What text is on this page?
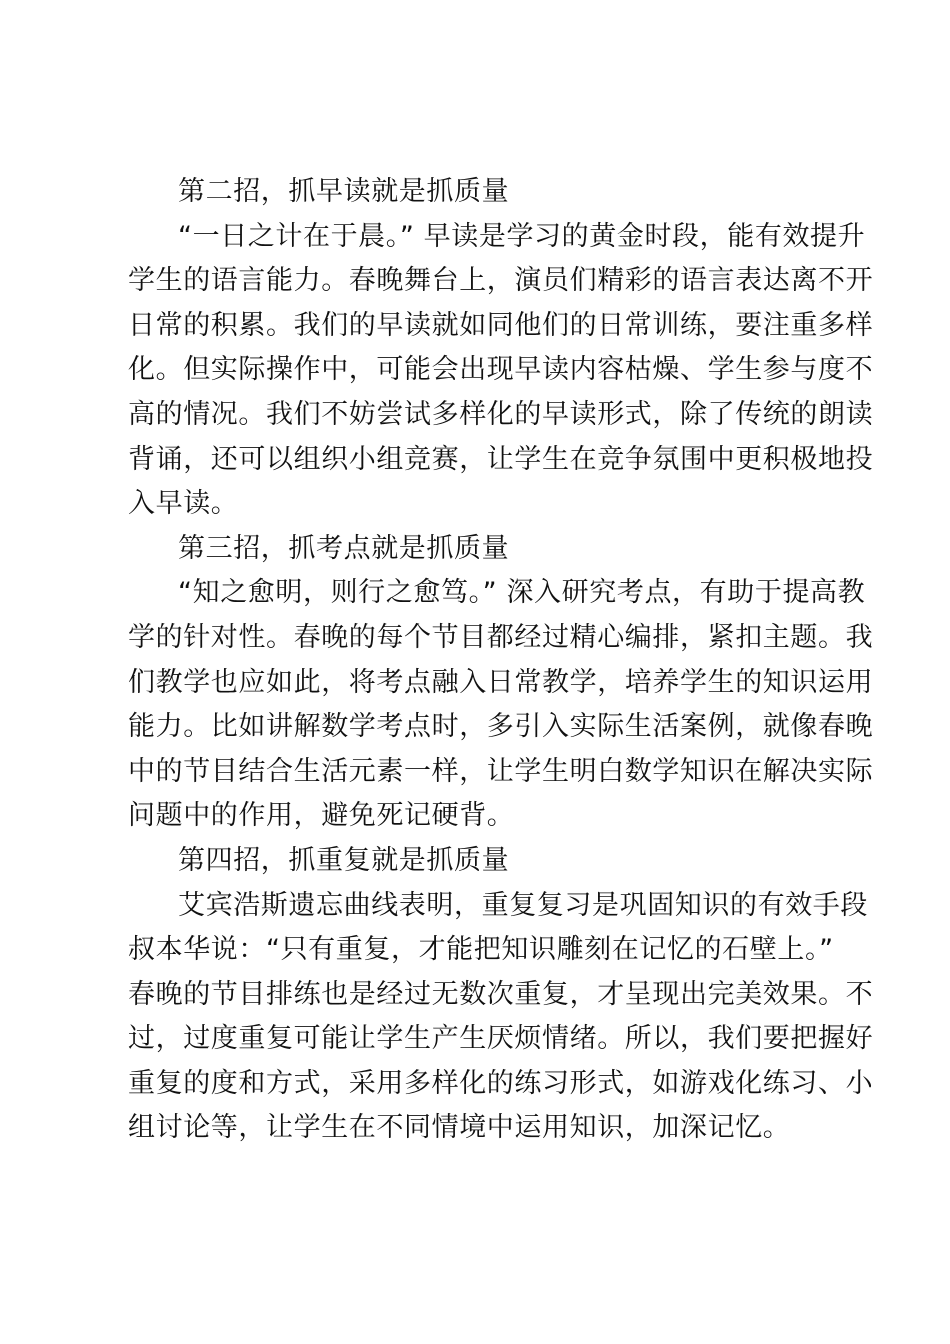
第二招，抓早读就是抓质量

“一日之计在于晨。” 早读是学习的黄金时段，能有效提升
学生的语言能力。春晚舞台上，演员们精彩的语言表达离不开
日常的积累。我们的早读就如同他们的日常训练，要注重多样
化。但实际操作中，可能会出现早读内容枯燥、学生参与度不
高的情况。我们不妨尝试多样化的早读形式，除了传统的朗读
背诵，还可以组织小组竞赛，让学生在竞争氛围中更积极地投
入早读。

第三招，抓考点就是抓质量

“知之愈明，则行之愈笃。” 深入研究考点，有助于提高教
学的针对性。春晚的每个节目都经过精心编排，紧扣主题。我
们教学也应如此，将考点融入日常教学，培养学生的知识运用
能力。比如讲解数学考点时，多引入实际生活案例，就像春晚
中的节目结合生活元素一样，让学生明白数学知识在解决实际
问题中的作用，避免死记硬背。

第四招，抓重复就是抓质量

艾宾浩斯遗忘曲线表明，重复复习是巩固知识的有效手段
叔本华说：“只有重复，才能把知识雕刻在记忆的石壁上。”
春晚的节目排练也是经过无数次重复，才呈现出完美效果。不
过，过度重复可能让学生产生厌烦情绪。所以，我们要把握好
重复的度和方式，采用多样化的练习形式，如游戏化练习、小
组讨论等，让学生在不同情境中运用知识，加深记忆。
